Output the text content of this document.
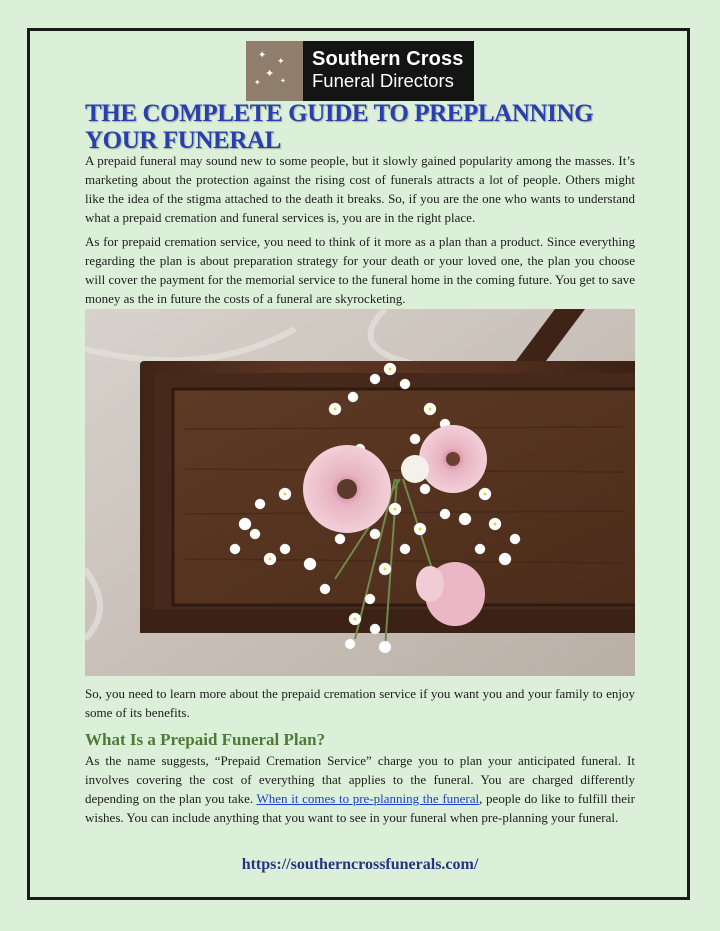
✦
✦
✦
✦	✦
Southern Cross
Funeral Directors
THE COMPLETE GUIDE TO PREPLANNING YOUR FUNERAL

A prepaid funeral may sound new to some people, but it slowly gained popularity among the masses. It’s marketing about the protection against the rising cost of funerals attracts a lot of people. Others might like the idea of the stigma attached to the death it breaks. So, if you are the one who wants to understand what a prepaid cremation and funeral services is, you are in the right place.

As for prepaid cremation service, you need to think of it more as a plan than a product. Since everything regarding the plan is about preparation strategy for your death or your loved one, the plan you choose will cover the payment for the memorial service to the funeral home in the coming future. You get to save money as the in future the costs of a funeral are skyrocketing.

So, you need to learn more about the prepaid cremation service if you want you and your family to enjoy some of its benefits.

What Is a Prepaid Funeral Plan?

As the name suggests, “Prepaid Cremation Service” charge you to plan your anticipated funeral. It involves covering the cost of everything that applies to the funeral. You are charged differently depending on the plan you take. When it comes to pre-planning the funeral, people do like to fulfill their wishes. You can include anything that you want to see in your funeral when pre-planning your funeral.

https://southerncrossfunerals.com/
